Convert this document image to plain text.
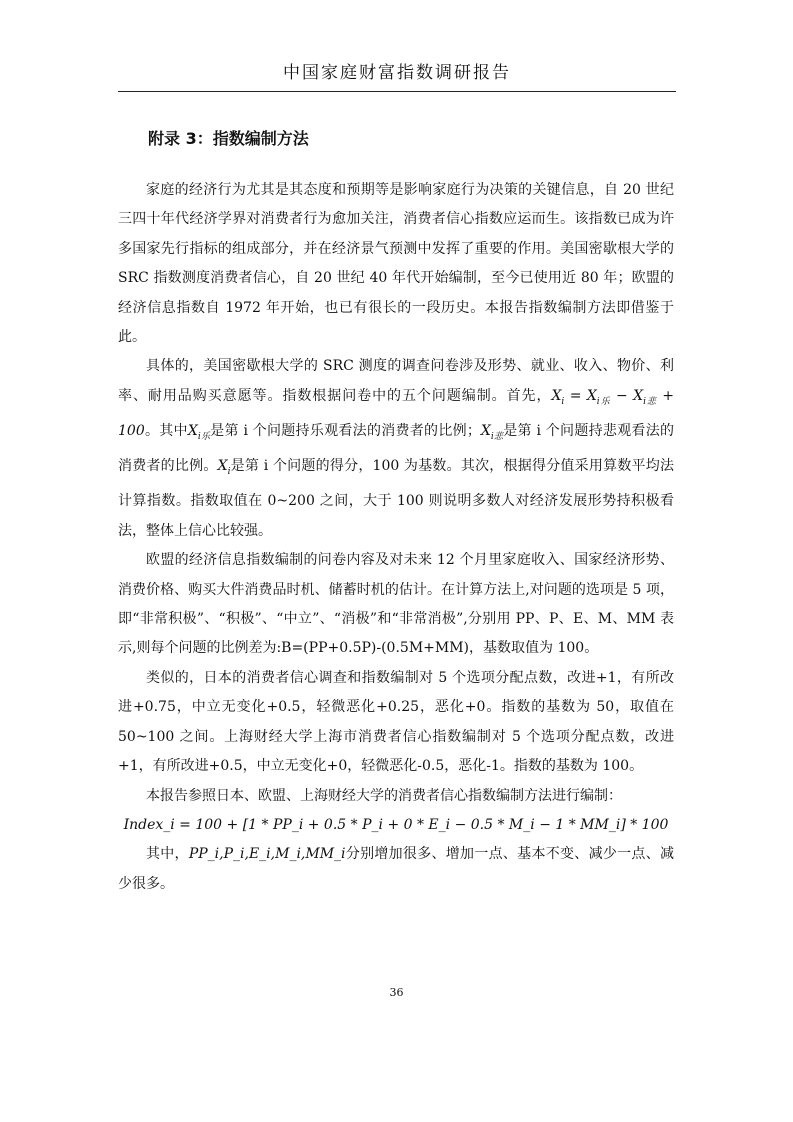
中国家庭财富指数调研报告
附录 3：指数编制方法

家庭的经济行为尤其是其态度和预期等是影响家庭行为决策的关键信息，自 20 世纪三四十年代经济学界对消费者行为愈加关注，消费者信心指数应运而生。该指数已成为许多国家先行指标的组成部分，并在经济景气预测中发挥了重要的作用。美国密歇根大学的 SRC 指数测度消费者信心，自 20 世纪 40 年代开始编制，至今已使用近 80 年；欧盟的经济信息指数自 1972 年开始，也已有很长的一段历史。本报告指数编制方法即借鉴于此。

具体的，美国密歇根大学的 SRC 测度的调查问卷涉及形势、就业、收入、物价、利率、耐用品购买意愿等。指数根据问卷中的五个问题编制。首先，$X_i = X_{i乐} - X_{i悲} + 100$。其中$X_{i乐}$是第 i 个问题持乐观看法的消费者的比例；$X_{i悲}$是第 i 个问题持悲观看法的消费者的比例。$X_i$是第 i 个问题的得分，100 为基数。其次，根据得分值采用算数平均法计算指数。指数取值在 0~200 之间，大于 100 则说明多数人对经济发展形势持积极看法，整体上信心比较强。

欧盟的经济信息指数编制的问卷内容及对未来 12 个月里家庭收入、国家经济形势、消费价格、购买大件消费品时机、储蓄时机的估计。在计算方法上,对问题的选项是 5 项，即“非常积极”、“积极”、“中立”、“消极”和“非常消极”,分别用 PP、P、E、M、MM 表示,则每个问题的比例差为:B=(PP+0.5P)-(0.5M+MM)，基数取值为 100。

类似的，日本的消费者信心调查和指数编制对 5 个选项分配点数，改进+1，有所改进+0.75，中立无变化+0.5，轻微恶化+0.25，恶化+0。指数的基数为 50，取值在 50~100 之间。上海财经大学上海市消费者信心指数编制对 5 个选项分配点数，改进+1，有所改进+0.5，中立无变化+0，轻微恶化-0.5，恶化-1。指数的基数为 100。

本报告参照日本、欧盟、上海财经大学的消费者信心指数编制方法进行编制：

Index_i = 100 + [1 * PP_i + 0.5 * P_i + 0 * E_i − 0.5 * M_i − 1 * MM_i] * 100

其中，PP_i,P_i,E_i,M_i,MM_i分别增加很多、增加一点、基本不变、减少一点、减少很多。

36
